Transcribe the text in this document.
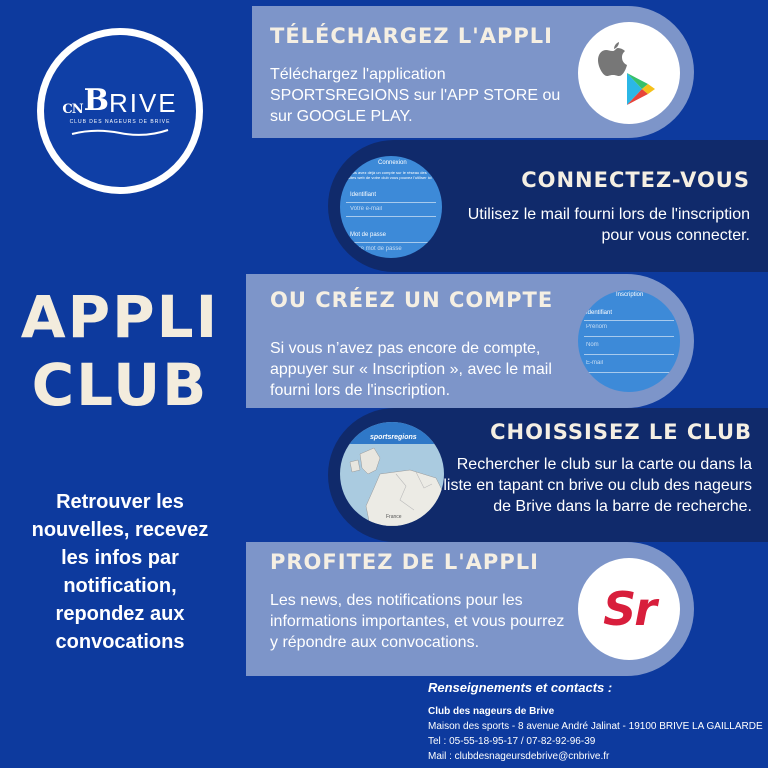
CN B RIVE
CLUB DES NAGEURS DE BRIVE
APPLI
CLUB
Retrouver les nouvelles, recevez les infos par notification, repondez aux convocations
TÉLÉCHARGEZ L'APPLI
Téléchargez l'application SPORTSREGIONS sur l'APP STORE ou sur GOOGLE PLAY.
Connexion
Vous avez déjà un compte sur le réseau des sites web de votre club vous pouvez l'utiliser ici
Identifiant
Votre e-mail
Mot de passe
Votre mot de passe
CONNECTEZ-VOUS
Utilisez le mail fourni lors de l'inscription pour vous connecter.
OU CRÉEZ UN COMPTE
Si vous n’avez pas encore de compte, appuyer sur « Inscription », avec le mail fourni lors de l'inscription.
Inscription
Identifiant
Prénom
Nom
E-mail
sportsregions
France
CHOISSISEZ LE CLUB
Rechercher le club sur la carte ou dans la liste en tapant cn brive ou club des nageurs de Brive dans la barre de recherche.
PROFITEZ DE L'APPLI
Les news, des notifications pour les informations importantes, et vous pourrez y répondre aux convocations.
Sr
Renseignements et contacts :
Club des nageurs de Brive
Maison des sports - 8 avenue André Jalinat - 19100 BRIVE LA GAILLARDE
Tel : 05-55-18-95-17 / 07-82-92-96-39
Mail : clubdesnageursdebrive@cnbrive.fr
